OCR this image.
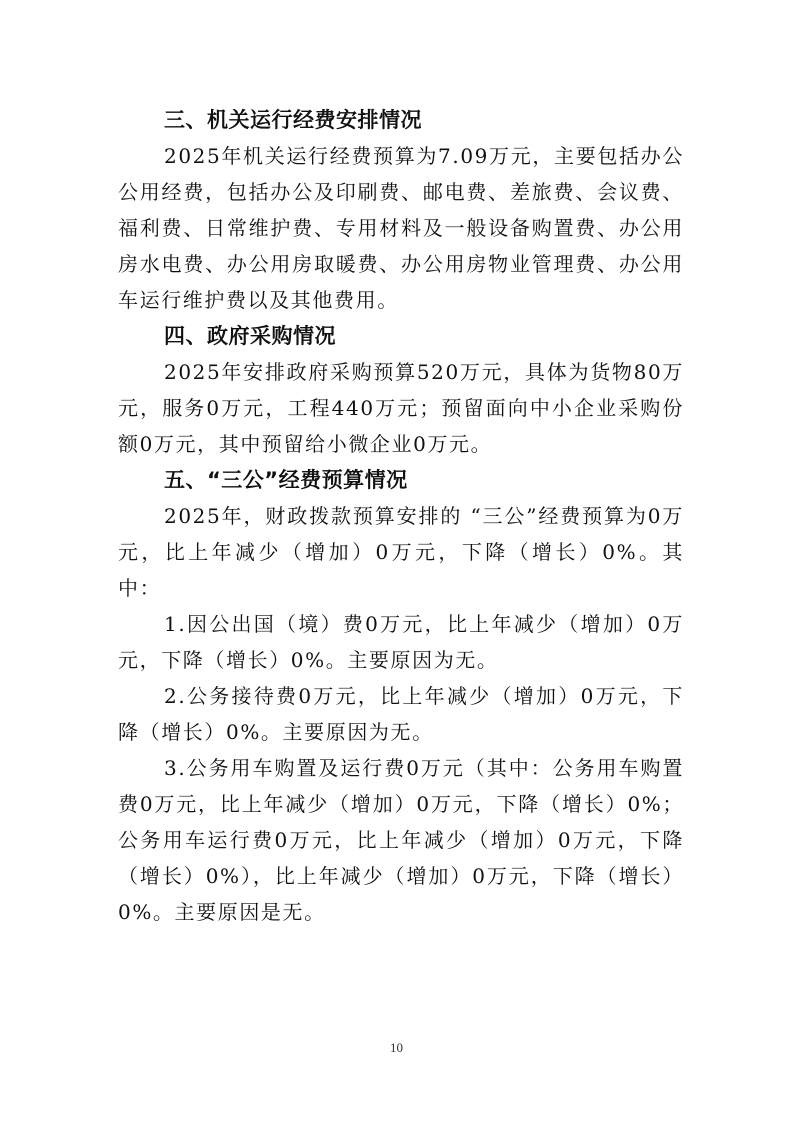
三、机关运行经费安排情况

2025年机关运行经费预算为7.09万元，主要包括办公公用经费，包括办公及印刷费、邮电费、差旅费、会议费、福利费、日常维护费、专用材料及一般设备购置费、办公用房水电费、办公用房取暖费、办公用房物业管理费、办公用车运行维护费以及其他费用。

四、政府采购情况

2025年安排政府采购预算520万元，具体为货物80万元，服务0万元，工程440万元；预留面向中小企业采购份额0万元，其中预留给小微企业0万元。

五、“三公”经费预算情况

2025年，财政拨款预算安排的 “三公”经费预算为0万元，比上年减少（增加）0万元，下降（增长）0%。其中：

1.因公出国（境）费0万元，比上年减少（增加）0万元，下降（增长）0%。主要原因为无。

2.公务接待费0万元，比上年减少（增加）0万元，下降（增长）0%。主要原因为无。

3.公务用车购置及运行费0万元（其中：公务用车购置费0万元，比上年减少（增加）0万元，下降（增长）0%；公务用车运行费0万元，比上年减少（增加）0万元，下降（增长）0%），比上年减少（增加）0万元，下降（增长）0%。主要原因是无。

10
